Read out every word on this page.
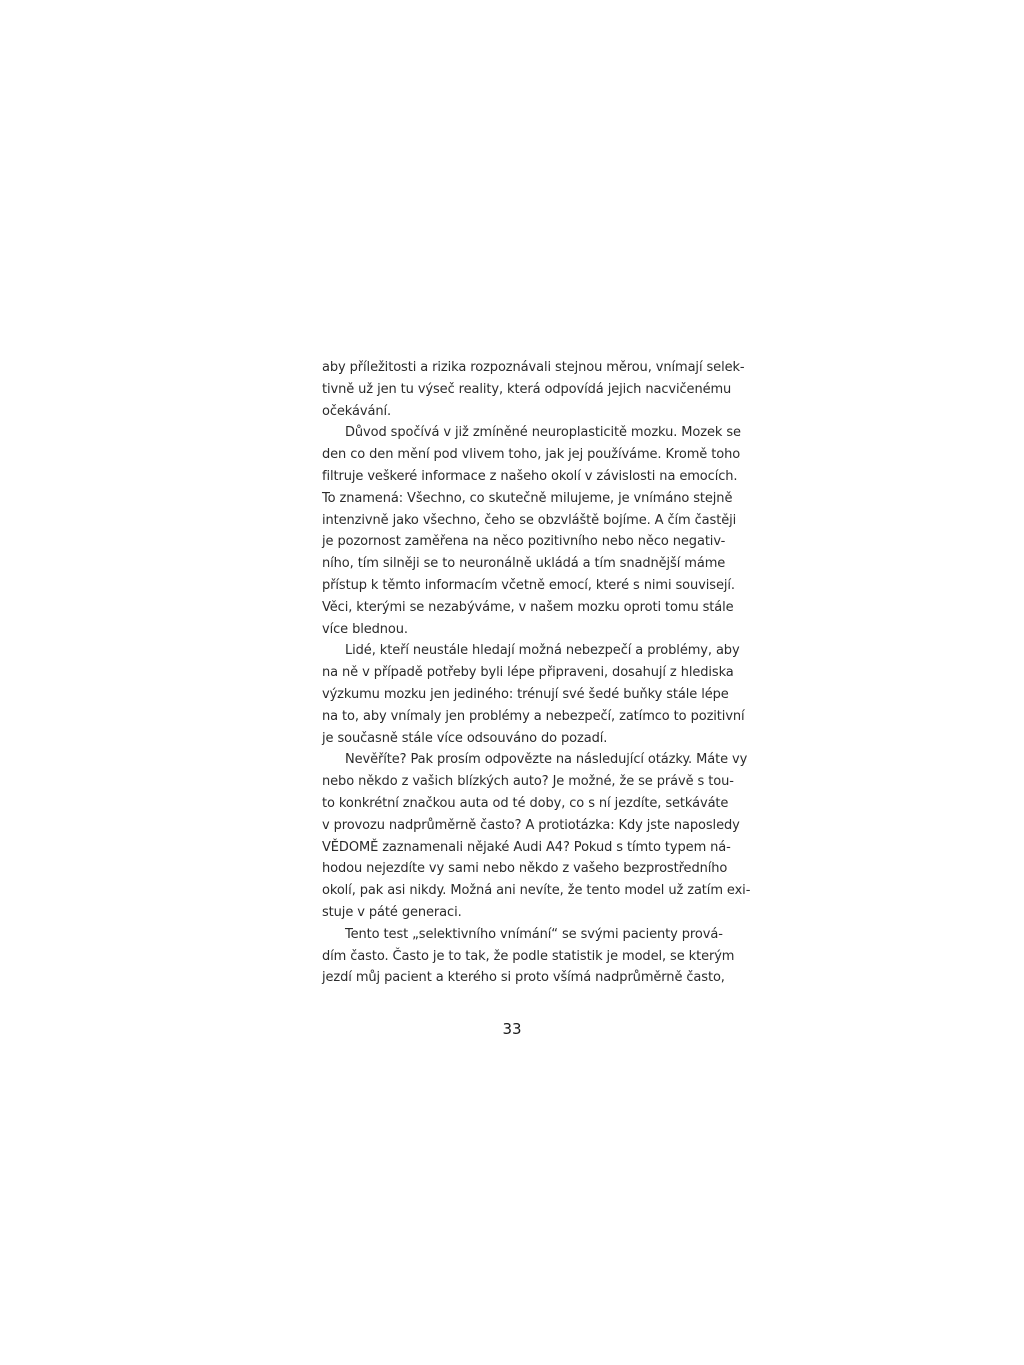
aby příležitosti a rizika rozpoznávali stejnou měrou, vnímají selek-
tivně už jen tu výseč reality, která odpovídá jejich nacvičenému
očekávání.
Důvod spočívá v již zmíněné neuroplasticitě mozku. Mozek se
den co den mění pod vlivem toho, jak jej používáme. Kromě toho
filtruje veškeré informace z našeho okolí v závislosti na emocích.
To znamená: Všechno, co skutečně milujeme, je vnímáno stejně
intenzivně jako všechno, čeho se obzvláště bojíme. A čím častěji
je pozornost zaměřena na něco pozitivního nebo něco negativ-
ního, tím silněji se to neuronálně ukládá a tím snadnější máme
přístup k těmto informacím včetně emocí, které s nimi souvisejí.
Věci, kterými se nezabýváme, v našem mozku oproti tomu stále
více blednou.
Lidé, kteří neustále hledají možná nebezpečí a problémy, aby
na ně v případě potřeby byli lépe připraveni, dosahují z hlediska
výzkumu mozku jen jediného: trénují své šedé buňky stále lépe
na to, aby vnímaly jen problémy a nebezpečí, zatímco to pozitivní
je současně stále více odsouváno do pozadí.
Nevěříte? Pak prosím odpovězte na následující otázky. Máte vy
nebo někdo z vašich blízkých auto? Je možné, že se právě s tou-
to konkrétní značkou auta od té doby, co s ní jezdíte, setkáváte
v provozu nadprůměrně často? A protiotázka: Kdy jste naposledy
VĚDOMĚ zaznamenali nějaké Audi A4? Pokud s tímto typem ná-
hodou nejezdíte vy sami nebo někdo z vašeho bezprostředního
okolí, pak asi nikdy. Možná ani nevíte, že tento model už zatím exi-
stuje v páté generaci.
Tento test „selektivního vnímání“ se svými pacienty prová-
dím často. Často je to tak, že podle statistik je model, se kterým
jezdí můj pacient a kterého si proto všímá nadprůměrně často,
33
